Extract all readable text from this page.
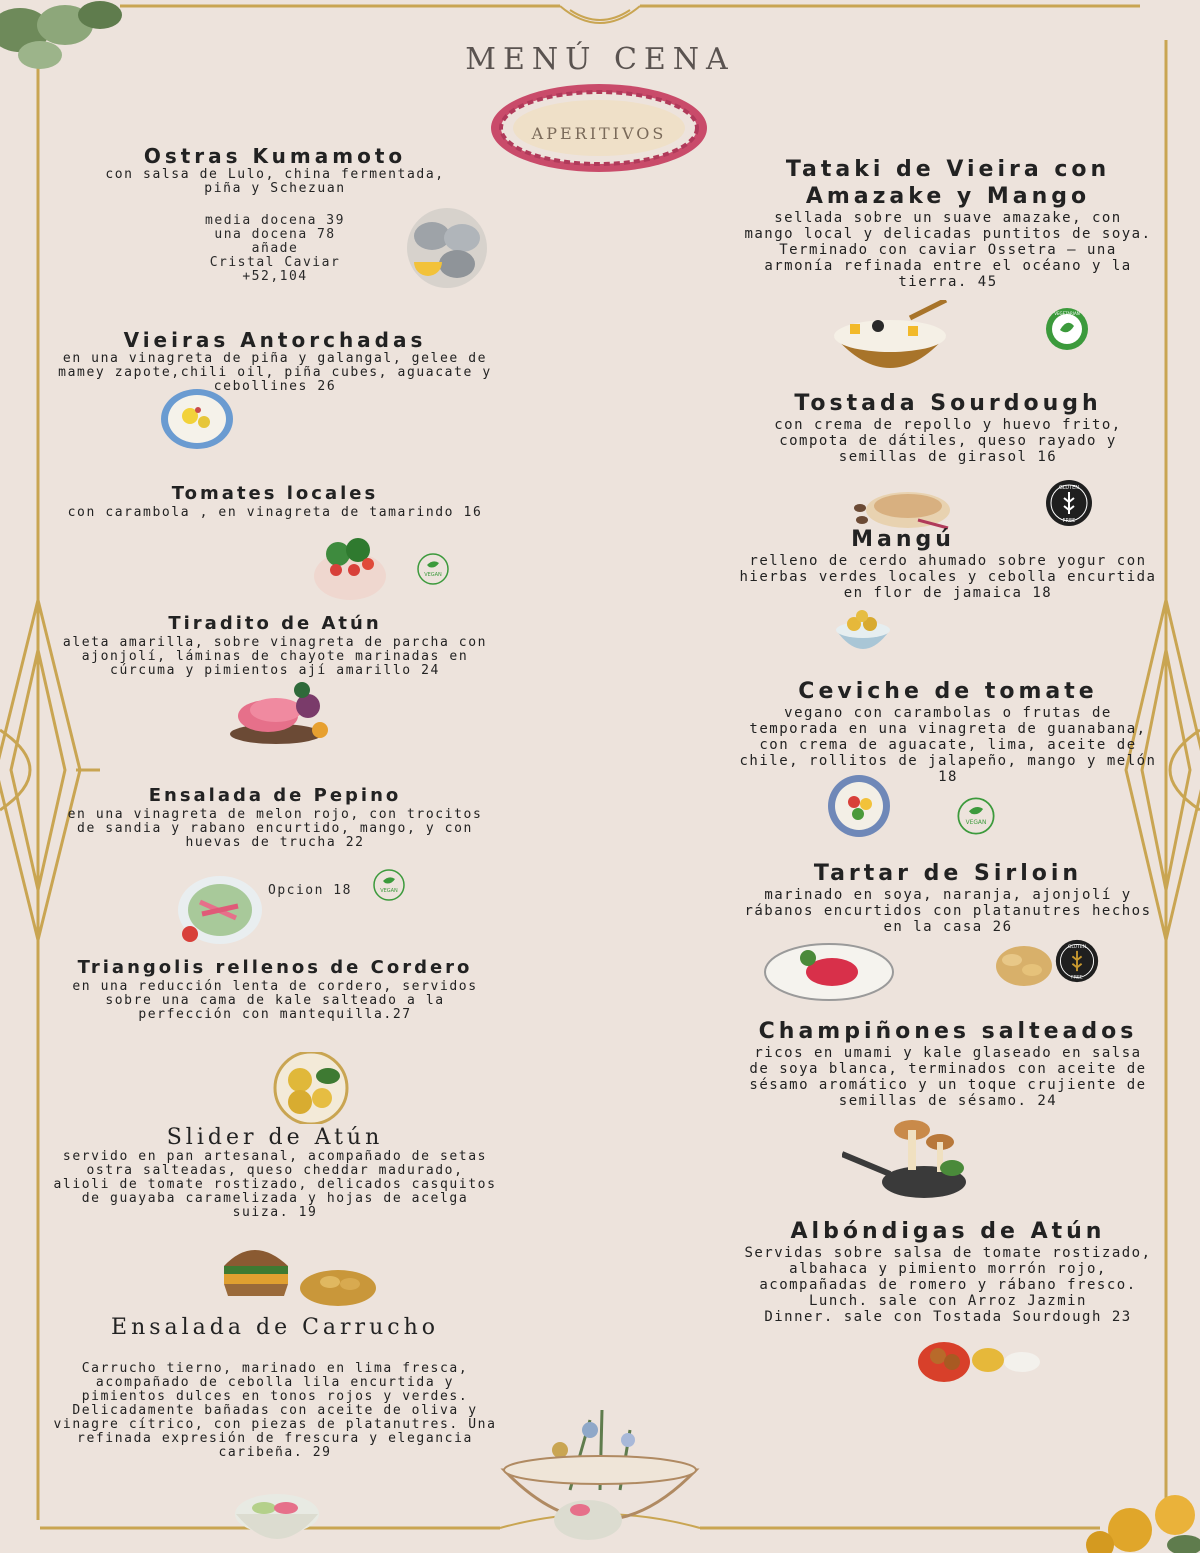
MENÚ CENA
APERITIVOS
Ostras Kumamoto
con salsa de Lulo, china fermentada,
piña y Schezuan
media docena 39
una docena 78
añade
Cristal Caviar
+52,104
Vieiras Antorchadas
en una vinagreta de piña y galangal, gelee de
mamey zapote,chili oil, piña cubes, aguacate y
cebollines 26
Tomates locales
con carambola , en vinagreta de tamarindo 16
VEGAN
Tiradito de Atún
aleta amarilla, sobre vinagreta de parcha con
ajonjolí, láminas de chayote marinadas en
cúrcuma y pimientos ají amarillo 24
Ensalada de Pepino
en una vinagreta de melon rojo, con trocitos
de sandia y rabano encurtido, mango, y con
huevas de trucha 22
Opcion 18	VEGAN
Triangolis rellenos de Cordero
en una reducción lenta de cordero, servidos
sobre una cama de kale salteado a la
perfección con mantequilla.27
Slider de Atún
servido en pan artesanal, acompañado de setas
ostra salteadas, queso cheddar madurado,
alioli de tomate rostizado, delicados casquitos
de guayaba caramelizada y hojas de acelga
suiza. 19
Ensalada de Carrucho
Carrucho tierno, marinado en lima fresca,
acompañado de cebolla lila encurtida y
pimientos dulces en tonos rojos y verdes.
Delicadamente bañadas con aceite de oliva y
vinagre cítrico, con piezas de platanutres. Una
refinada expresión de frescura y elegancia
caribeña. 29
Tataki de Vieira con
Amazake y Mango
sellada sobre un suave amazake, con
mango local y delicadas puntitos de soya.
Terminado con caviar Ossetra — una
armonía refinada entre el océano y la
tierra. 45
VEGETARIAN
Tostada Sourdough
con crema de repollo y huevo frito,
compota de dátiles, queso rayado y
semillas de girasol 16
GLUTEN
FREE
Mangú
relleno de cerdo ahumado sobre yogur con
hierbas verdes locales y cebolla encurtida
en flor de jamaica 18
Ceviche de tomate
vegano con carambolas o frutas de
temporada en una vinagreta de guanabana,
con crema de aguacate, lima, aceite de
chile, rollitos de jalapeño, mango y melón
18
VEGAN
Tartar de Sirloin
marinado en soya, naranja, ajonjolí y
rábanos encurtidos con platanutres hechos
en la casa 26
GLUTEN
FREE
Champiñones salteados
ricos en umami y kale glaseado en salsa
de soya blanca, terminados con aceite de
sésamo aromático y un toque crujiente de
semillas de sésamo. 24
Albóndigas de Atún
Servidas sobre salsa de tomate rostizado,
albahaca y pimiento morrón rojo,
acompañadas de romero y rábano fresco.
Lunch. sale con Arroz Jazmin
Dinner. sale con Tostada Sourdough 23
